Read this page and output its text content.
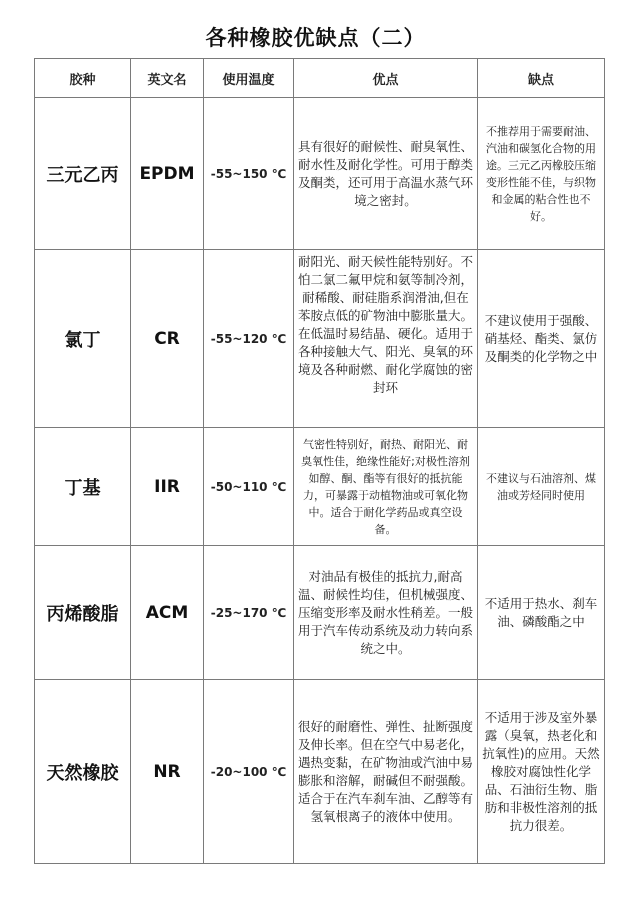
各种橡胶优缺点（二）
胶种	英文名	使用温度	优点	缺点
三元乙丙	EPDM	-55~150 ℃	具有很好的耐候性、耐臭氧性、耐水性及耐化学性。可用于醇类及酮类，还可用于高温水蒸气环境之密封。	不推荐用于需要耐油、汽油和碳氢化合物的用途。三元乙丙橡胶压缩变形性能不佳，与织物和金属的粘合性也不好。
氯丁	CR	-55~120 ℃	耐阳光、耐天候性能特别好。不怕二氯二氟甲烷和氨等制冷剂，耐稀酸、耐硅脂系润滑油,但在苯胺点低的矿物油中膨胀量大。在低温时易结晶、硬化。适用于各种接触大气、阳光、臭氧的环境及各种耐燃、耐化学腐蚀的密封环	不建议使用于强酸、硝基烃、酯类、氯仿及酮类的化学物之中
丁基	IIR	-50~110 ℃	气密性特别好，耐热、耐阳光、耐臭氧性佳，绝缘性能好;对极性溶剂如醇、酮、酯等有很好的抵抗能力，可暴露于动植物油或可氧化物中。适合于耐化学药品或真空设备。	不建议与石油溶剂、煤油或芳烃同时使用
丙烯酸脂	ACM	-25~170 ℃	对油品有极佳的抵抗力,耐高温、耐候性均佳，但机械强度、压缩变形率及耐水性稍差。一般用于汽车传动系统及动力转向系统之中。	不适用于热水、刹车油、磷酸酯之中
天然橡胶	NR	-20~100 ℃	很好的耐磨性、弹性、扯断强度及伸长率。但在空气中易老化，遇热变黏，在矿物油或汽油中易膨胀和溶解，耐碱但不耐强酸。适合于在汽车刹车油、乙醇等有氢氧根离子的液体中使用。	不适用于涉及室外暴露（臭氧，热老化和抗氧性)的应用。天然橡胶对腐蚀性化学品、石油衍生物、脂肪和非极性溶剂的抵抗力很差。
